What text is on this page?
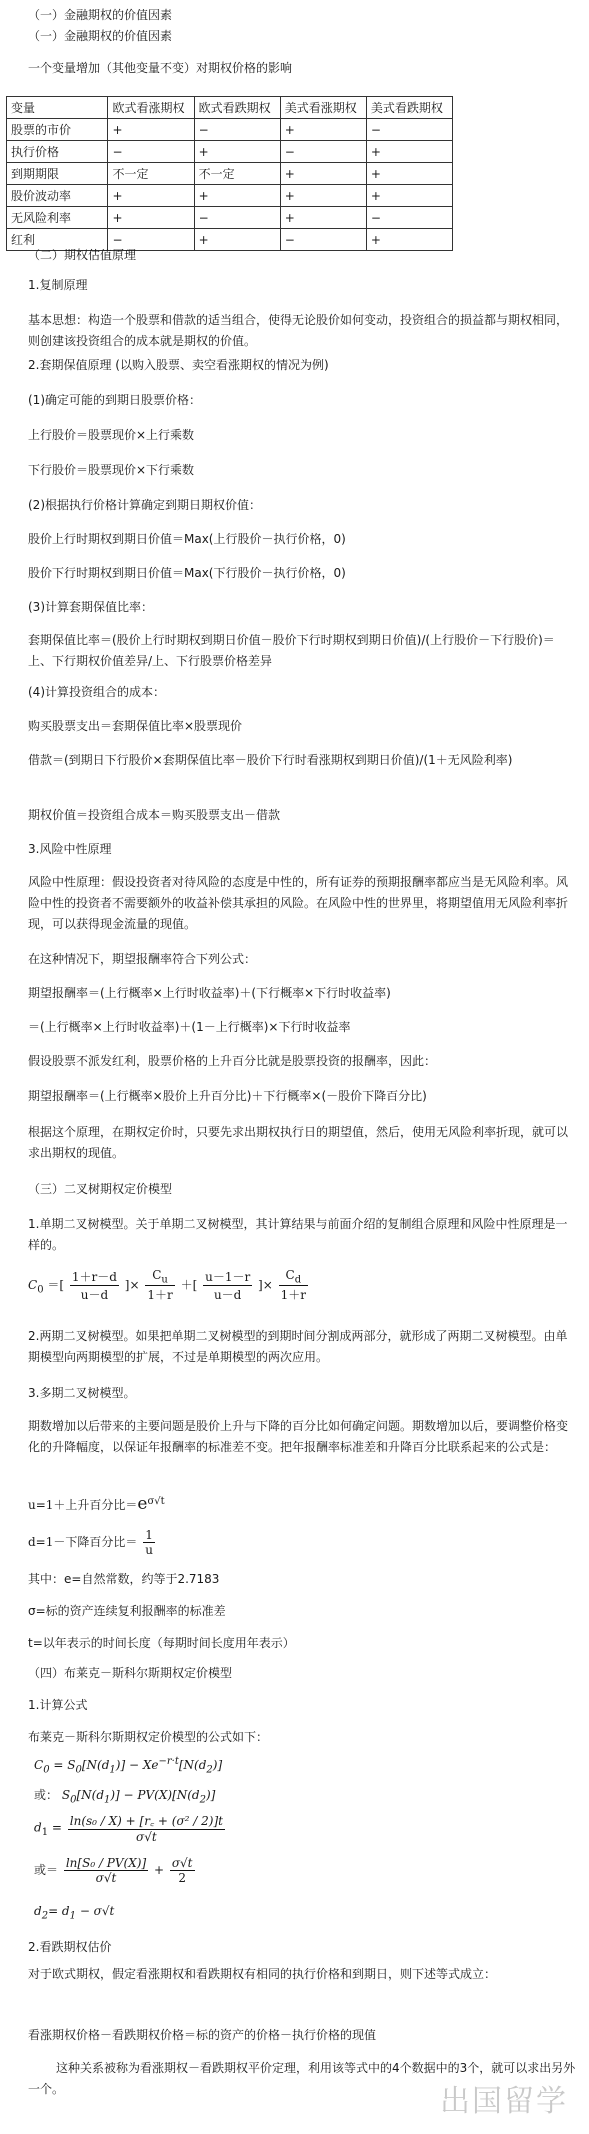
（一）金融期权的价值因素
（一）金融期权的价值因素
一个变量增加（其他变量不变）对期权价格的影响
变量	欧式看涨期权	欧式看跌期权	美式看涨期权	美式看跌期权
股票的市价	+	−	+	−
执行价格	−	+	−	+
到期期限	不一定	不一定	+	+
股价波动率	+	+	+	+
无风险利率	+	−	+	−
红利	−	+	−	+
（二）期权估值原理
1.复制原理
基本思想：构造一个股票和借款的适当组合，使得无论股价如何变动，投资组合的损益都与期权相同，则创建该投资组合的成本就是期权的价值。
2.套期保值原理 (以购入股票、卖空看涨期权的情况为例)
(1)确定可能的到期日股票价格：
上行股价＝股票现价×上行乘数
下行股价＝股票现价×下行乘数
(2)根据执行价格计算确定到期日期权价值：
股价上行时期权到期日价值＝Max(上行股价－执行价格，0)
股价下行时期权到期日价值＝Max(下行股价－执行价格，0)
(3)计算套期保值比率：
套期保值比率＝(股价上行时期权到期日价值－股价下行时期权到期日价值)/(上行股价－下行股价)＝上、下行期权价值差异/上、下行股票价格差异
(4)计算投资组合的成本：
购买股票支出＝套期保值比率×股票现价
借款＝(到期日下行股价×套期保值比率－股价下行时看涨期权到期日价值)/(1＋无风险利率)
期权价值＝投资组合成本＝购买股票支出－借款
3.风险中性原理
风险中性原理：假设投资者对待风险的态度是中性的，所有证券的预期报酬率都应当是无风险利率。风险中性的投资者不需要额外的收益补偿其承担的风险。在风险中性的世界里，将期望值用无风险利率折现，可以获得现金流量的现值。
在这种情况下，期望报酬率符合下列公式：
期望报酬率＝(上行概率×上行时收益率)＋(下行概率×下行时收益率)
＝(上行概率×上行时收益率)＋(1－上行概率)×下行时收益率
假设股票不派发红利，股票价格的上升百分比就是股票投资的报酬率，因此：
期望报酬率＝(上行概率×股价上升百分比)＋下行概率×(－股价下降百分比)
根据这个原理，在期权定价时，只要先求出期权执行日的期望值，然后，使用无风险利率折现，就可以求出期权的现值。
（三）二叉树期权定价模型
1.单期二叉树模型。关于单期二叉树模型，其计算结果与前面介绍的复制组合原理和风险中性原理是一样的。
$C_0$ ＝[ $\frac{1+r-d}{u-d}$ ]× $\frac{C_u}{1+r}$ ＋[ $\frac{u-1-r}{u-d}$ ]× $\frac{C_d}{1+r}$
2.两期二叉树模型。如果把单期二叉树模型的到期时间分割成两部分，就形成了两期二叉树模型。由单期模型向两期模型的扩展，不过是单期模型的两次应用。
3.多期二叉树模型。
期数增加以后带来的主要问题是股价上升与下降的百分比如何确定问题。期数增加以后，要调整价格变化的升降幅度，以保证年报酬率的标准差不变。把年报酬率标准差和升降百分比联系起来的公式是：
u=1＋上升百分比$=e^{\sigma√t}$
d=1－下降百分比＝ $\frac{1}{u}$
其中：e=自然常数，约等于2.7183
σ=标的资产连续复利报酬率的标准差
t=以年表示的时间长度（每期时间长度用年表示）
（四）布莱克－斯科尔斯期权定价模型
1.计算公式
布莱克－斯科尔斯期权定价模型的公式如下：
$C_0 = S_0[N(d_1)] - Xe^{-r\cdot t}[N(d_2)]$
或： $S_0[N(d_1)] - PV(X)[N(d_2)]$
$d_1 = \frac{\text{ln(s₀ / X) + [r꜀ + (σ² / 2)]t}}{\sigma√t}$
或＝ $\frac{\text{ln[S₀ / PV(X)]}}{\sigma√t} + \frac{\sigma√t}{2}$
$d_2= d_1 - \sigma√t$
2.看跌期权估价
对于欧式期权，假定看涨期权和看跌期权有相同的执行价格和到期日，则下述等式成立：
看涨期权价格－看跌期权价格＝标的资产的价格－执行价格的现值
这种关系被称为看涨期权－看跌期权平价定理，利用该等式中的4个数据中的3个，就可以求出另外一个。	出国留学
